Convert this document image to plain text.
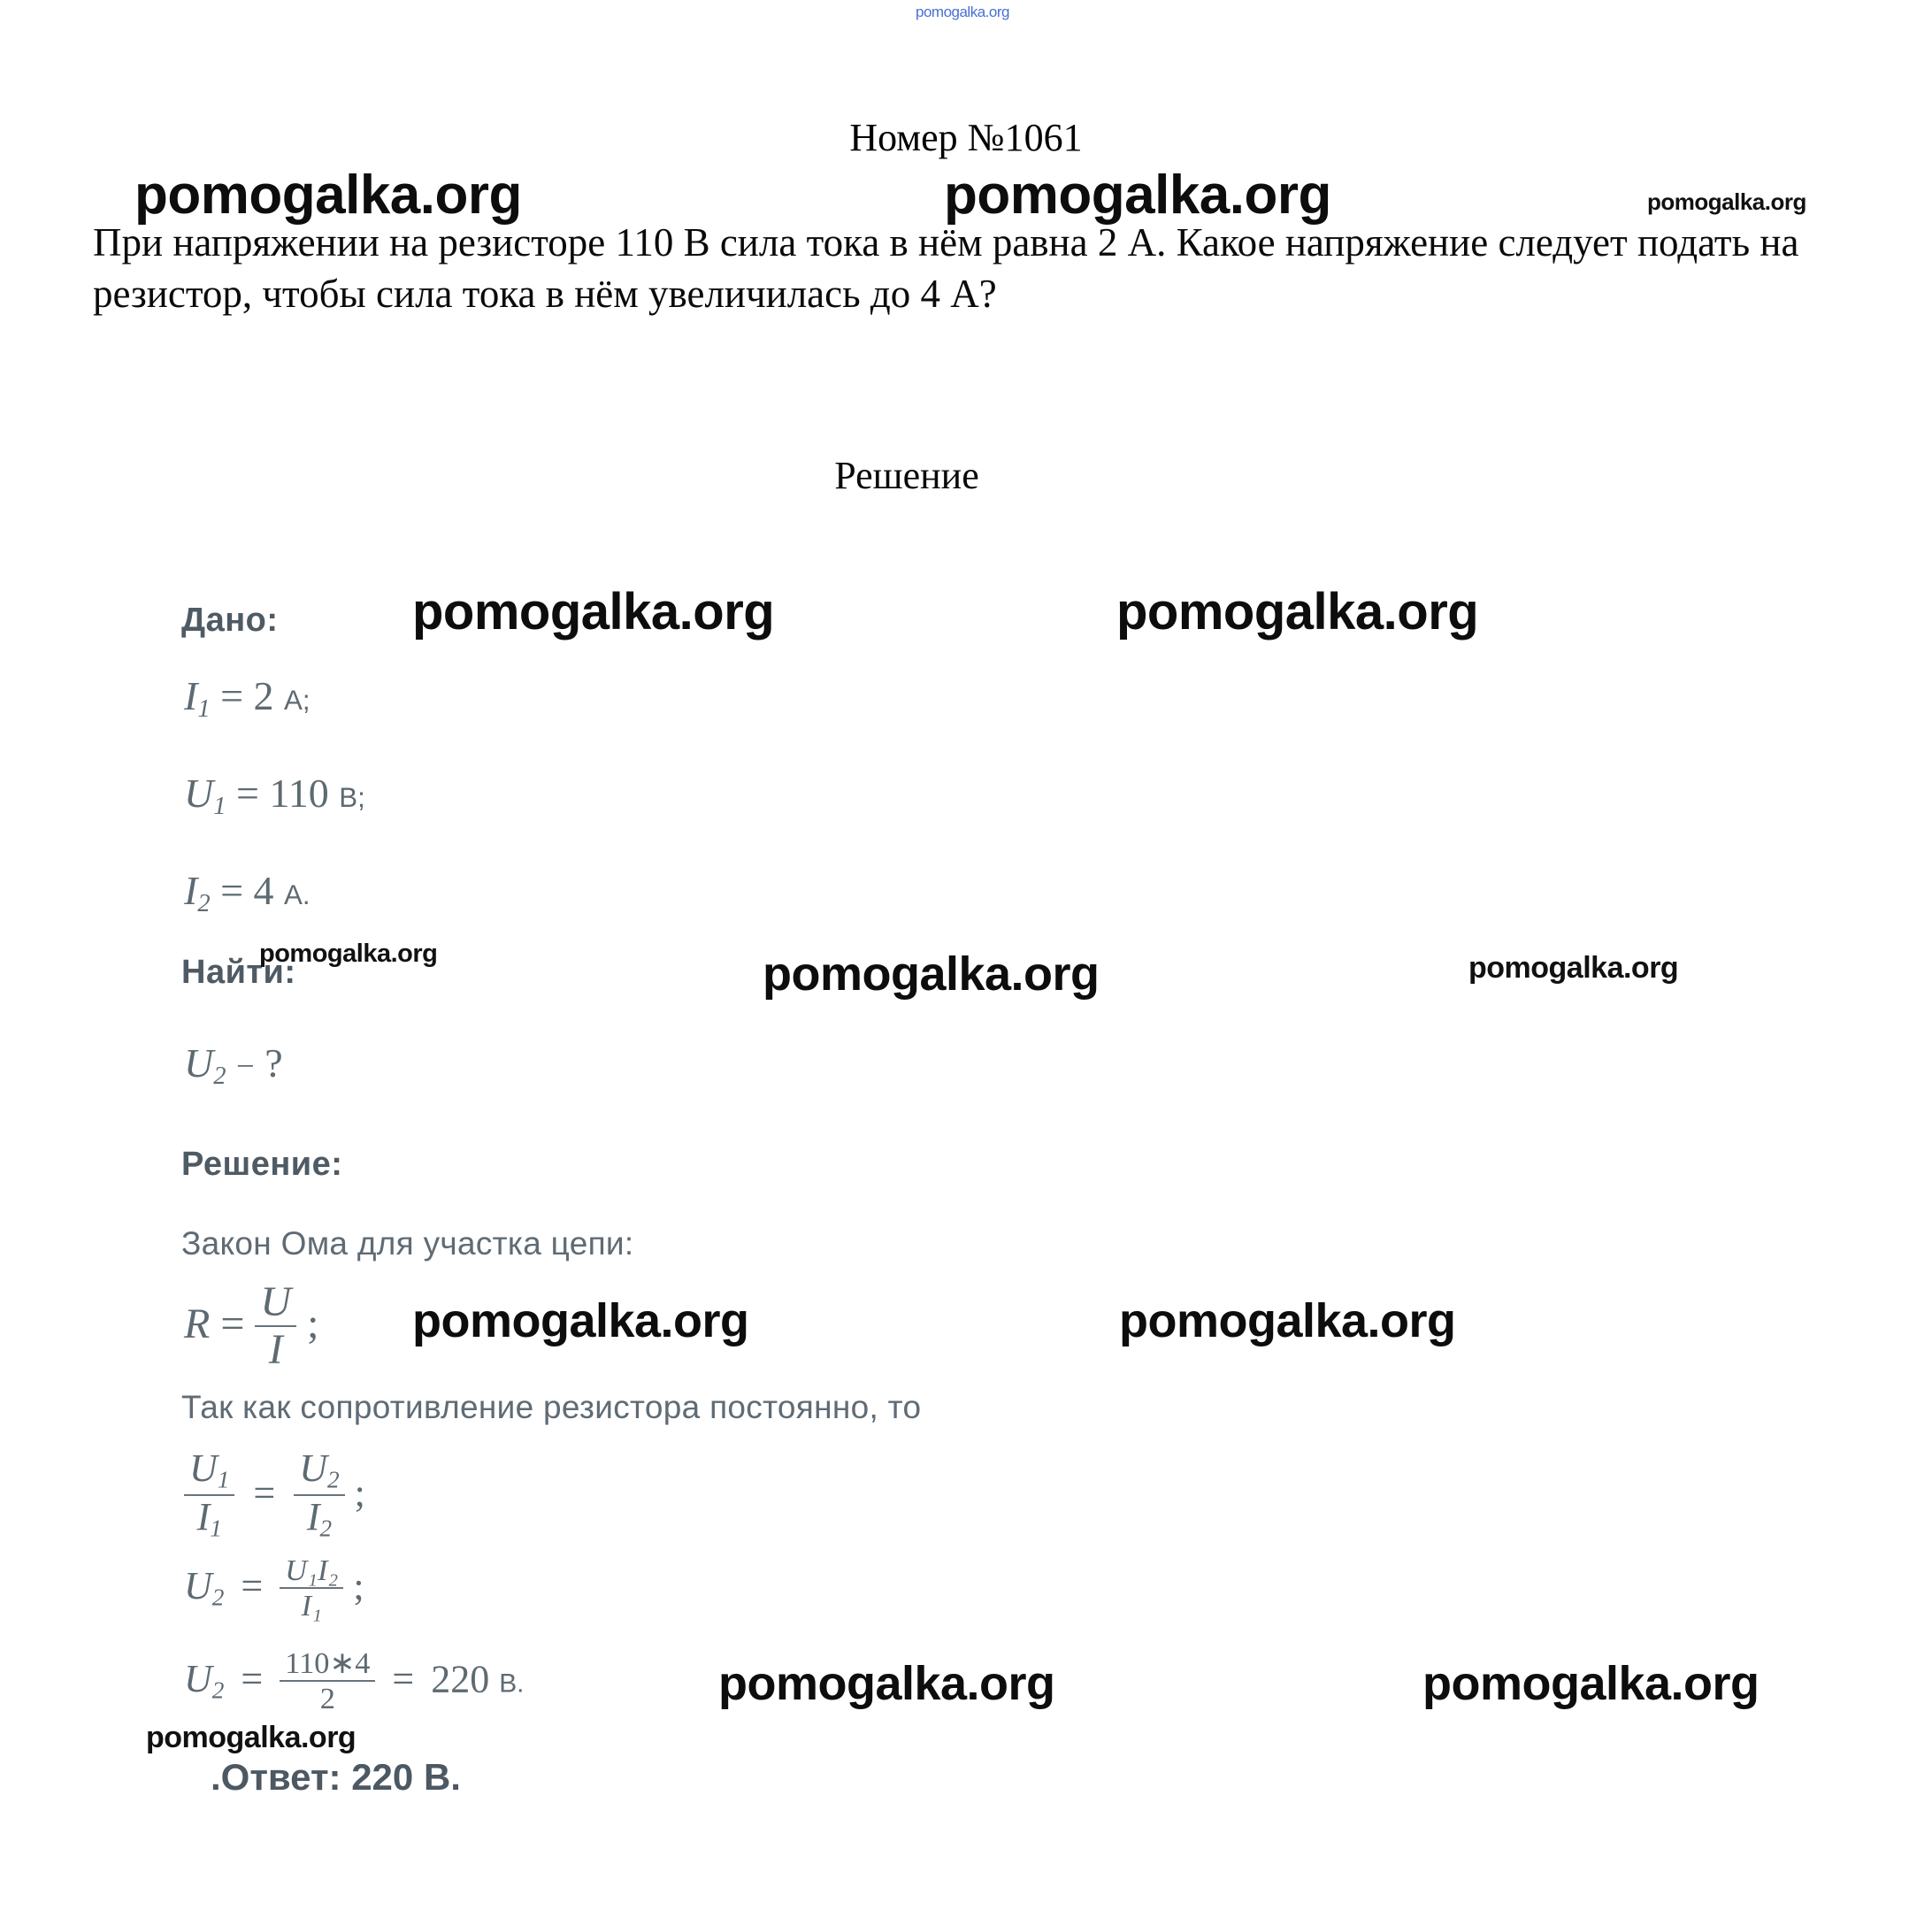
Номер №1061
При напряжении на резисторе 110 В сила тока в нём равна 2 А. Какое напряжение следует подать на резистор, чтобы сила тока в нём увеличилась до 4 А?
Решение
Дано:
$I_1 = 2$ А;
$U_1 = 110$ В;
$I_2 = 4$ А.
Найти:
$U_2$ − ?
Решение:
Закон Ома для участка цепи:
$R = \frac{U}{I}$ ;
Так как сопротивление резистора постоянно, то
$\frac{U_1}{I_1} = \frac{U_2}{I_2}$ ;
$U_2 = \frac{\text{U₁I₂}}{\text{I₁}}$ ;
$U_2 = \frac{110∗4}{2} = 220$ В.
.Ответ: 220 В.
pomogalka.org
pomogalka.org	pomogalka.org	pomogalka.org
pomogalka.org	pomogalka.org
pomogalka.org	pomogalka.org	pomogalka.org
pomogalka.org	pomogalka.org
pomogalka.org	pomogalka.org
pomogalka.org
